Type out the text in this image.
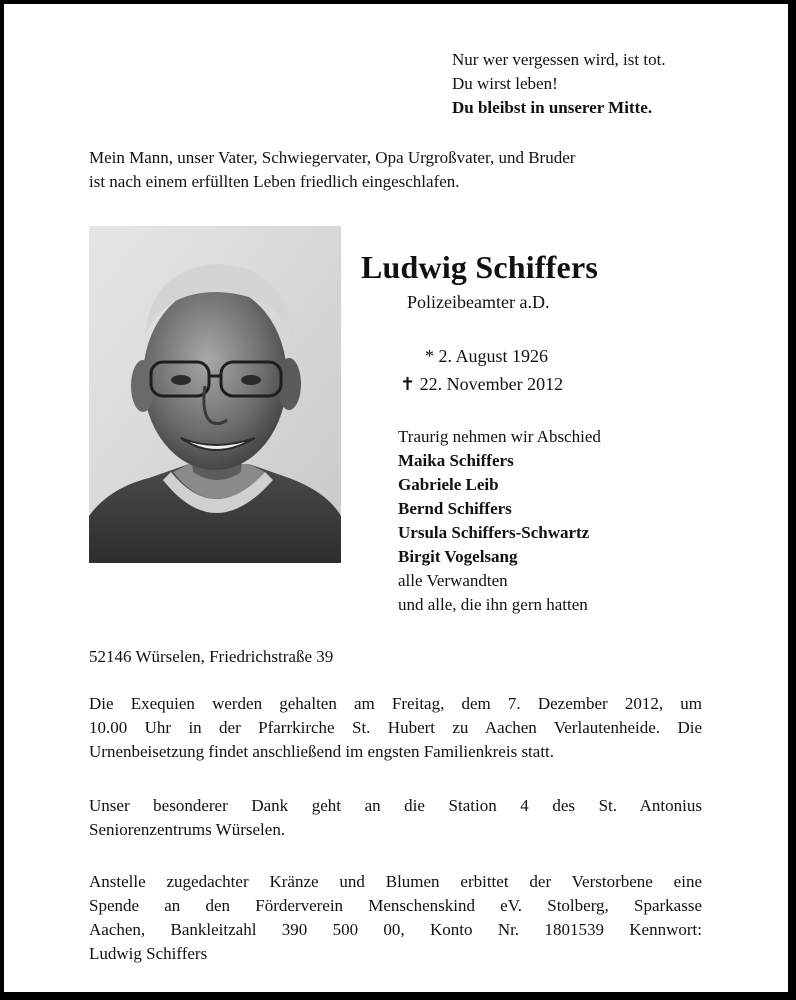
Nur wer vergessen wird, ist tot.
Du wirst leben!
Du bleibst in unserer Mitte.
Mein Mann, unser Vater, Schwiegervater, Opa Urgroßvater, und Bruder
ist nach einem erfüllten Leben friedlich eingeschlafen.
Ludwig Schiffers
Polizeibeamter a.D.
* 2. August 1926
✝ 22. November 2012
Traurig nehmen wir Abschied
Maika Schiffers
Gabriele Leib
Bernd Schiffers
Ursula Schiffers-Schwartz
Birgit Vogelsang
alle Verwandten
und alle, die ihn gern hatten
52146 Würselen, Friedrichstraße 39
Die Exequien werden gehalten am Freitag, dem 7. Dezember 2012, um
10.00 Uhr in der Pfarrkirche St. Hubert zu Aachen Verlautenheide. Die
Urnenbeisetzung findet anschließend im engsten Familienkreis statt.
Unser besonderer Dank geht an die Station 4 des St. Antonius
Seniorenzentrums Würselen.
Anstelle zugedachter Kränze und Blumen erbittet der Verstorbene eine
Spende an den Förderverein Menschenskind eV. Stolberg, Sparkasse
Aachen, Bankleitzahl 390 500 00, Konto Nr. 1801539 Kennwort:
Ludwig Schiffers
